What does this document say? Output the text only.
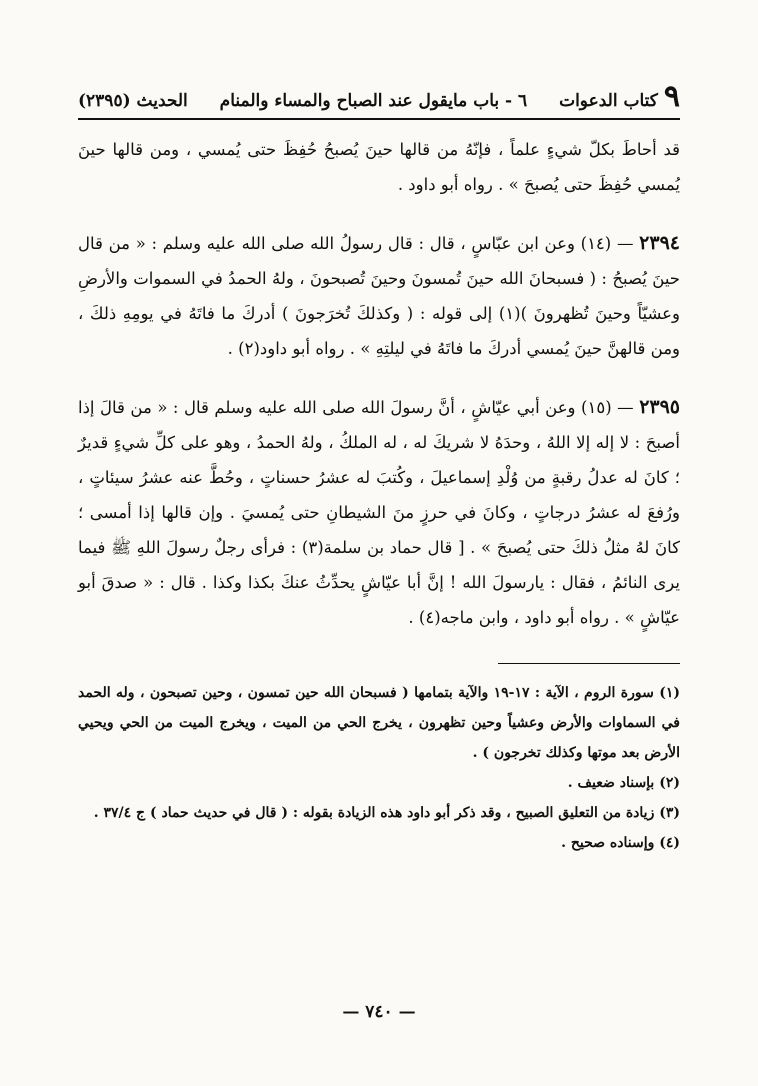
٩
كتاب الدعوات
٦ - باب مايقول عند الصباح والمساء والمنام
الحديث (٢٣٩٥)

قد أحاطَ بكلّ شيءٍ علماً ، فإنّهُ من قالها حينَ يُصبحُ حُفِظَ حتى يُمسي ، ومن قالها حينَ يُمسي حُفِظَ حتى يُصبحَ » . رواه أبو داود .

٢٣٩٤ — (١٤) وعن ابن عبّاسٍ ، قال : قال رسولُ الله صلى الله عليه وسلم : « من قال حينَ يُصبحُ : ( فسبحانَ الله حينَ تُمسونَ وحينَ تُصبحونَ ، ولهُ الحمدُ في السموات والأرضِ وعشيّاً وحينَ تُظهرونَ )(١) إلى قوله : ( وكذلكَ تُخرَجونَ ) أدركَ ما فاتَهُ في يومِهِ ذلكَ ، ومن قالهنَّ حينَ يُمسي أدركَ ما فاتَهُ في ليلتِهِ » . رواه أبو داود(٢) .

٢٣٩٥ — (١٥) وعن أبي عيّاشٍ ، أنَّ رسولَ الله صلى الله عليه وسلم قال : « من قالَ إذا أصبحَ : لا إله إلا اللهُ ، وحدَهُ لا شريكَ له ، له الملكُ ، ولهُ الحمدُ ، وهو على كلِّ شيءٍ قديرٌ ؛ كانَ له عدلُ رقبةٍ من وُلْدِ إسماعيلَ ، وكُتبَ له عشرُ حسناتٍ ، وحُطَّ عنه عشرُ سيئاتٍ ، ورُفعَ له عشرُ درجاتٍ ، وكانَ في حرزٍ منَ الشيطانِ حتى يُمسيَ . وإن قالها إذا أمسى ؛ كانَ لهُ مثلُ ذلكَ حتى يُصبحَ » . [ قال حماد بن سلمة(٣) : فرأى رجلٌ رسولَ اللهِ ﷺ فيما يرى النائمُ ، فقال : يارسولَ الله ! إنَّ أبا عيّاشٍ يحدِّثُ عنكَ بكذا وكذا . قال : « صدقَ أبو عيّاشٍ » . رواه أبو داود ، وابن ماجه(٤) .

(١) سورة الروم ، الآية : ١٧-١٩ والآية بتمامها ( فسبحان الله حين تمسون ، وحين تصبحون ، وله الحمد في السماوات والأرض وعشياً وحين تظهرون ، يخرج الحي من الميت ، ويخرج الميت من الحي ويحيي الأرض بعد موتها وكذلك تخرجون ) .

(٢) بإسناد ضعيف .

(٣) زيادة من التعليق الصبيح ، وقد ذكر أبو داود هذه الزيادة بقوله : ( قال في حديث حماد ) ج ٣٧/٤ .

(٤) وإسناده صحيح .

— ٧٤٠ —
